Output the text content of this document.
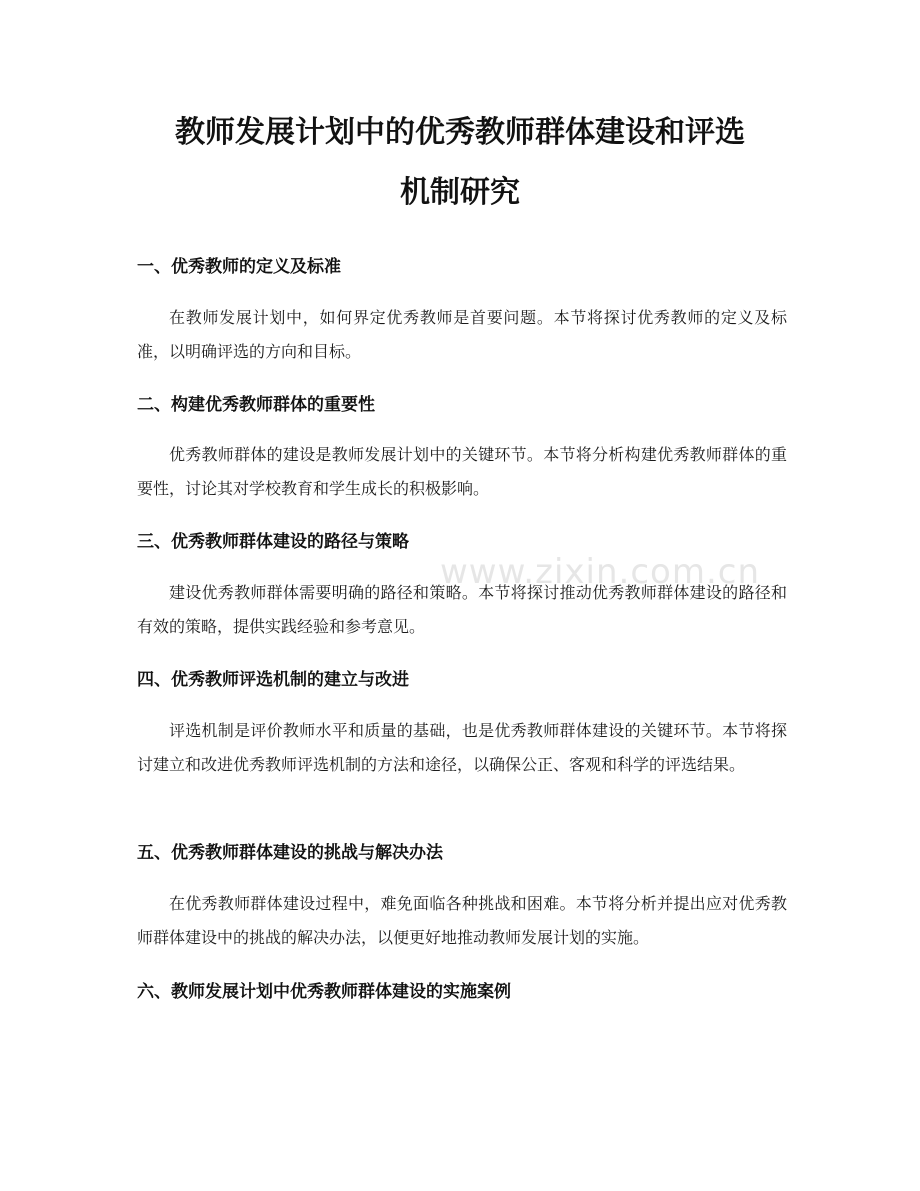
www.zixin.com.cn
教师发展计划中的优秀教师群体建设和评选
机制研究
一、优秀教师的定义及标准

在教师发展计划中，如何界定优秀教师是首要问题。本节将探讨优秀教师的定义及标准，以明确评选的方向和目标。

二、构建优秀教师群体的重要性

优秀教师群体的建设是教师发展计划中的关键环节。本节将分析构建优秀教师群体的重要性，讨论其对学校教育和学生成长的积极影响。

三、优秀教师群体建设的路径与策略

建设优秀教师群体需要明确的路径和策略。本节将探讨推动优秀教师群体建设的路径和有效的策略，提供实践经验和参考意见。

四、优秀教师评选机制的建立与改进

评选机制是评价教师水平和质量的基础，也是优秀教师群体建设的关键环节。本节将探讨建立和改进优秀教师评选机制的方法和途径，以确保公正、客观和科学的评选结果。

五、优秀教师群体建设的挑战与解决办法

在优秀教师群体建设过程中，难免面临各种挑战和困难。本节将分析并提出应对优秀教师群体建设中的挑战的解决办法，以便更好地推动教师发展计划的实施。

六、教师发展计划中优秀教师群体建设的实施案例
